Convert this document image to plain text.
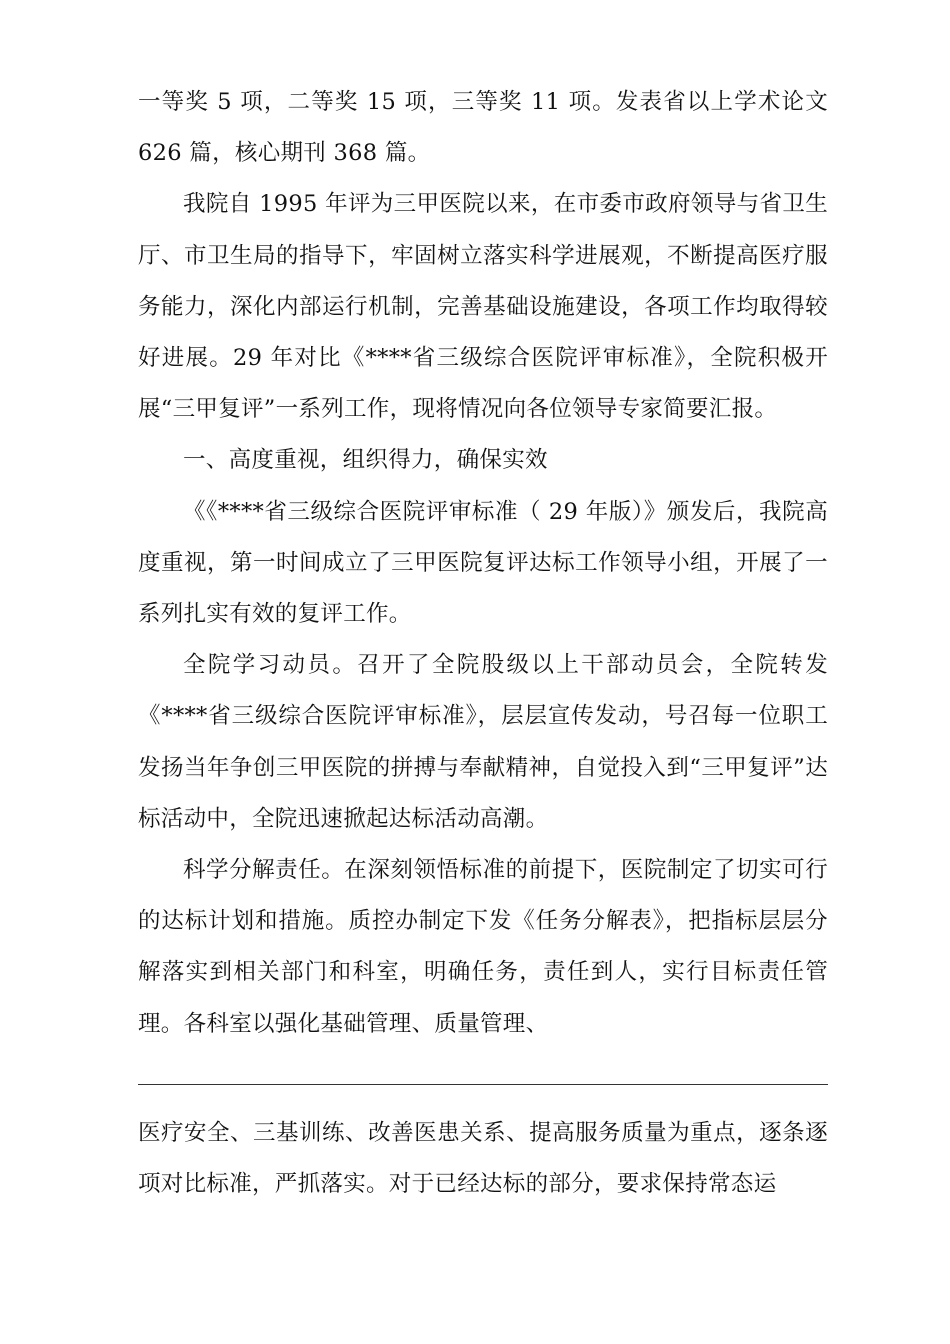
一等奖 5 项，二等奖 15 项，三等奖 11 项。发表省以上学术论文 626 篇，核心期刊 368 篇。

我院自 1995 年评为三甲医院以来，在市委市政府领导与省卫生厅、市卫生局的指导下，牢固树立落实科学进展观，不断提高医疗服务能力，深化内部运行机制，完善基础设施建设，各项工作均取得较好进展。29 年对比《****省三级综合医院评审标准》，全院积极开展“三甲复评”一系列工作，现将情况向各位领导专家简要汇报。

一、高度重视，组织得力，确保实效

《《****省三级综合医院评审标准（ 29 年版）》颁发后，我院高度重视，第一时间成立了三甲医院复评达标工作领导小组，开展了一系列扎实有效的复评工作。

全院学习动员。召开了全院股级以上干部动员会，全院转发《****省三级综合医院评审标准》，层层宣传发动，号召每一位职工发扬当年争创三甲医院的拼搏与奉献精神，自觉投入到“三甲复评”达标活动中，全院迅速掀起达标活动高潮。

科学分解责任。在深刻领悟标准的前提下，医院制定了切实可行的达标计划和措施。质控办制定下发《任务分解表》，把指标层层分解落实到相关部门和科室，明确任务，责任到人，实行目标责任管理。各科室以强化基础管理、质量管理、

医疗安全、三基训练、改善医患关系、提高服务质量为重点，逐条逐项对比标准，严抓落实。对于已经达标的部分，要求保持常态运
